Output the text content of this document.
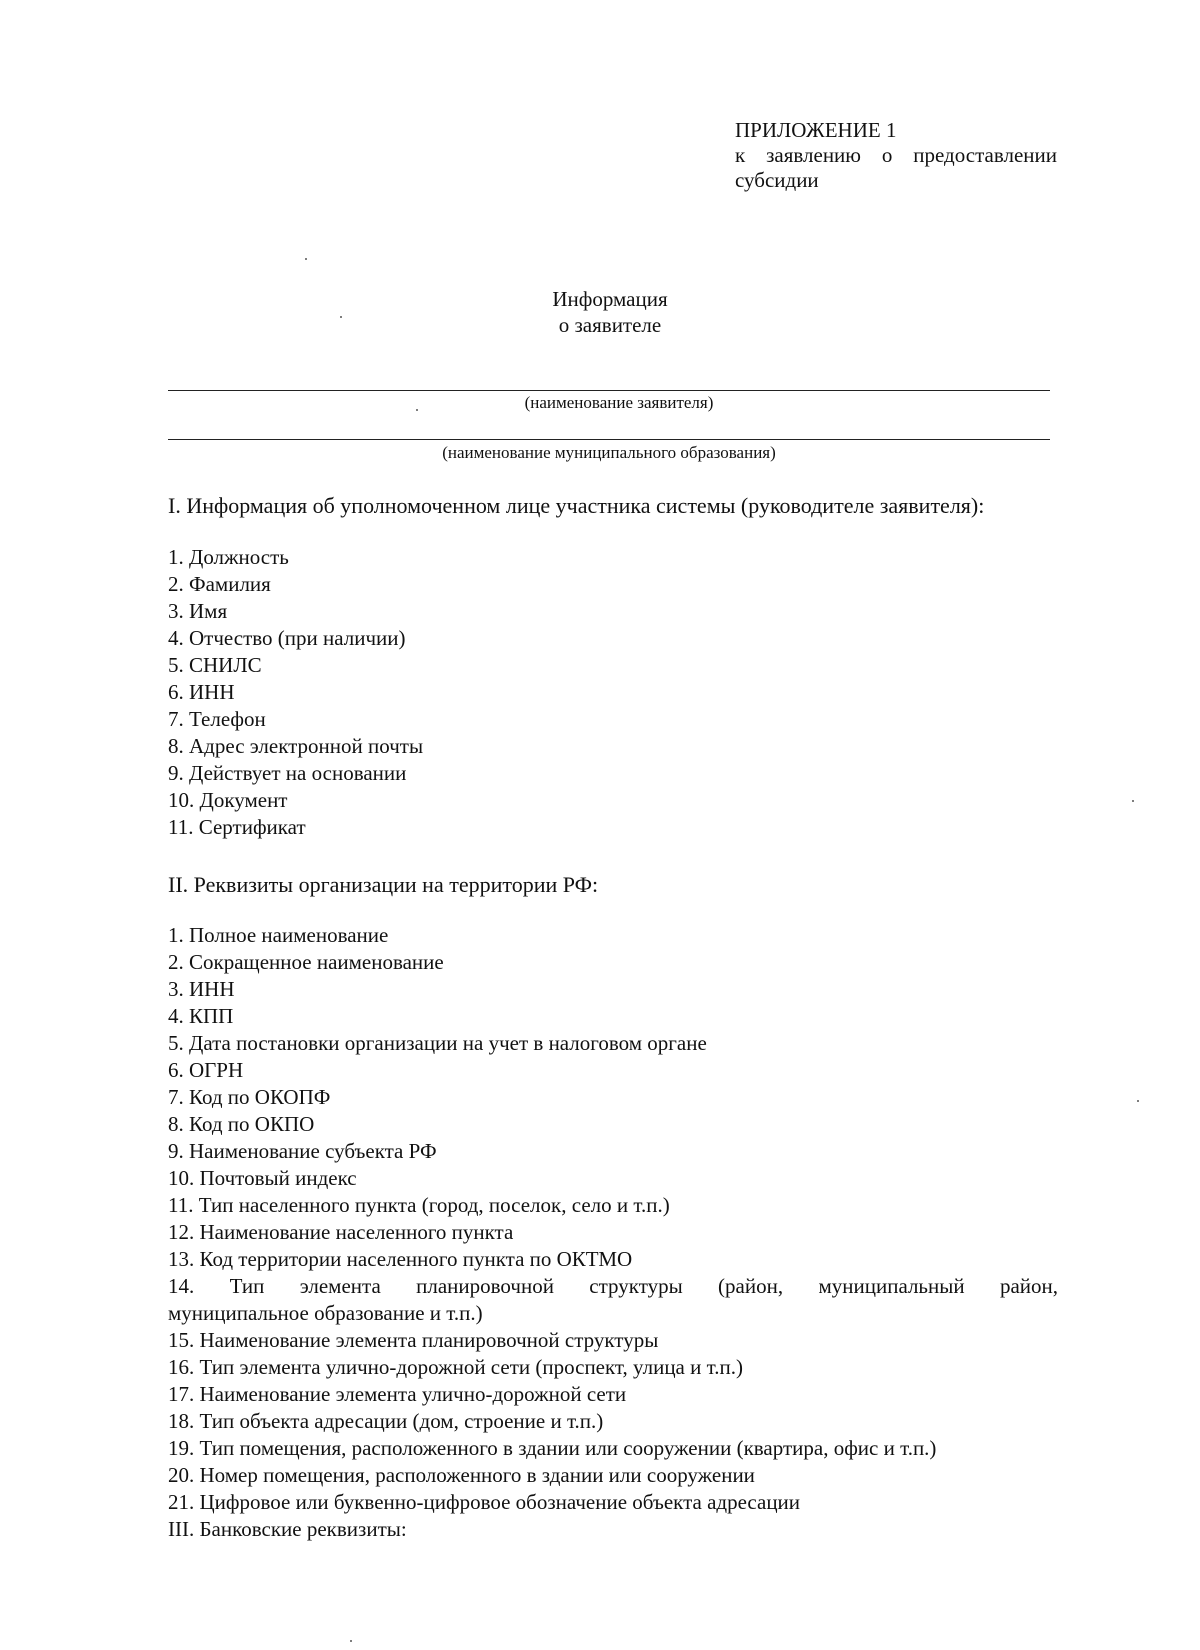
ПРИЛОЖЕНИЕ 1
к заявлению о предоставлении
субсидии
Информация
о заявителе
(наименование заявителя)
(наименование муниципального образования)
I. Информация об уполномоченном лице участника системы (руководителе заявителя):
1. Должность
2. Фамилия
3. Имя
4. Отчество (при наличии)
5. СНИЛС
6. ИНН
7. Телефон
8. Адрес электронной почты
9. Действует на основании
10. Документ
11. Сертификат
II. Реквизиты организации на территории РФ:
1. Полное наименование
2. Сокращенное наименование
3. ИНН
4. КПП
5. Дата постановки организации на учет в налоговом органе
6. ОГРН
7. Код по ОКОПФ
8. Код по ОКПО
9. Наименование субъекта РФ
10. Почтовый индекс
11. Тип населенного пункта (город, поселок, село и т.п.)
12. Наименование населенного пункта
13. Код территории населенного пункта по ОКТМО
14. Тип элемента планировочной структуры (район, муниципальный район,
муниципальное образование и т.п.)
15. Наименование элемента планировочной структуры
16. Тип элемента улично-дорожной сети (проспект, улица и т.п.)
17. Наименование элемента улично-дорожной сети
18. Тип объекта адресации (дом, строение и т.п.)
19. Тип помещения, расположенного в здании или сооружении (квартира, офис и т.п.)
20. Номер помещения, расположенного в здании или сооружении
21. Цифровое или буквенно-цифровое обозначение объекта адресации
III. Банковские реквизиты:
